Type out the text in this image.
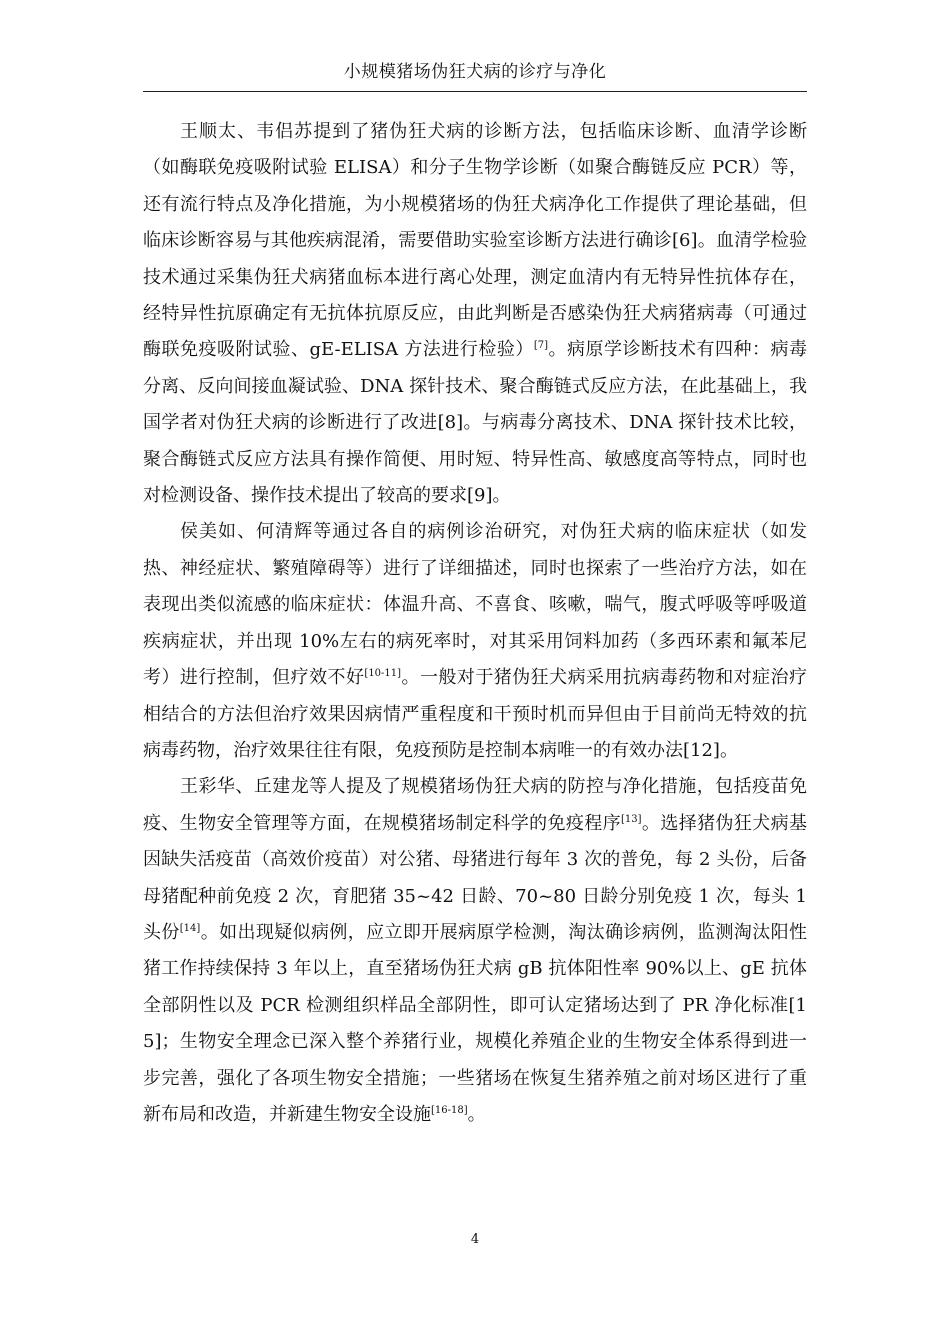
小规模猪场伪狂犬病的诊疗与净化

王顺太、韦侣苏提到了猪伪狂犬病的诊断方法，包括临床诊断、血清学诊断（如酶联免疫吸附试验 ELISA）和分子生物学诊断（如聚合酶链反应 PCR）等，还有流行特点及净化措施，为小规模猪场的伪狂犬病净化工作提供了理论基础，但临床诊断容易与其他疾病混淆，需要借助实验室诊断方法进行确诊[6]。血清学检验技术通过采集伪狂犬病猪血标本进行离心处理，测定血清内有无特异性抗体存在，经特异性抗原确定有无抗体抗原反应，由此判断是否感染伪狂犬病猪病毒（可通过酶联免疫吸附试验、gE-ELISA 方法进行检验）[7]。病原学诊断技术有四种：病毒分离、反向间接血凝试验、DNA 探针技术、聚合酶链式反应方法，在此基础上，我国学者对伪狂犬病的诊断进行了改进[8]。与病毒分离技术、DNA 探针技术比较，聚合酶链式反应方法具有操作简便、用时短、特异性高、敏感度高等特点，同时也对检测设备、操作技术提出了较高的要求[9]。

侯美如、何清辉等通过各自的病例诊治研究，对伪狂犬病的临床症状（如发热、神经症状、繁殖障碍等）进行了详细描述，同时也探索了一些治疗方法，如在表现出类似流感的临床症状：体温升高、不喜食、咳嗽，喘气，腹式呼吸等呼吸道疾病症状，并出现 10%左右的病死率时，对其采用饲料加药（多西环素和氟苯尼考）进行控制，但疗效不好[10-11]。一般对于猪伪狂犬病采用抗病毒药物和对症治疗相结合的方法但治疗效果因病情严重程度和干预时机而异但由于目前尚无特效的抗病毒药物，治疗效果往往有限，免疫预防是控制本病唯一的有效办法[12]。

王彩华、丘建龙等人提及了规模猪场伪狂犬病的防控与净化措施，包括疫苗免疫、生物安全管理等方面，在规模猪场制定科学的免疫程序[13]。选择猪伪狂犬病基因缺失活疫苗（高效价疫苗）对公猪、母猪进行每年 3 次的普免，每 2 头份，后备母猪配种前免疫 2 次，育肥猪 35~42 日龄、70~80 日龄分别免疫 1 次，每头 1 头份[14]。如出现疑似病例，应立即开展病原学检测，淘汰确诊病例，监测淘汰阳性猪工作持续保持 3 年以上，直至猪场伪狂犬病 gB 抗体阳性率 90%以上、gE 抗体全部阴性以及 PCR 检测组织样品全部阴性，即可认定猪场达到了 PR 净化标准[15]；生物安全理念已深入整个养猪行业，规模化养殖企业的生物安全体系得到进一步完善，强化了各项生物安全措施；一些猪场在恢复生猪养殖之前对场区进行了重新布局和改造，并新建生物安全设施[16-18]。

4
